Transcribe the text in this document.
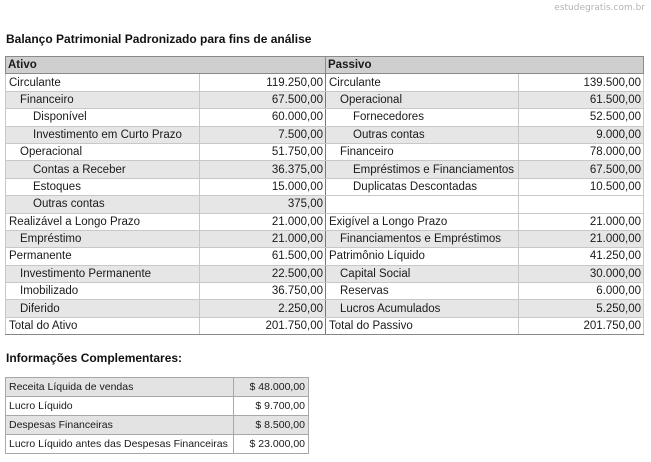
estudegratis.com.br
Balanço Patrimonial Padronizado para fins de análise
Ativo		Passivo	
Circulante	119.250,00	Circulante	139.500,00
Financeiro	67.500,00	Operacional	61.500,00
Disponível	60.000,00	Fornecedores	52.500,00
Investimento em Curto Prazo	7.500,00	Outras contas	9.000,00
Operacional	51.750,00	Financeiro	78.000,00
Contas a Receber	36.375,00	Empréstimos e Financiamentos	67.500,00
Estoques	15.000,00	Duplicatas Descontadas	10.500,00
Outras contas	375,00		
Realizável a Longo Prazo	21.000,00	Exigível a Longo Prazo	21.000,00
Empréstimo	21.000,00	Financiamentos e Empréstimos	21.000,00
Permanente	61.500,00	Patrimônio Líquido	41.250,00
Investimento Permanente	22.500,00	Capital Social	30.000,00
Imobilizado	36.750,00	Reservas	6.000,00
Diferido	2.250,00	Lucros Acumulados	5.250,00
Total do Ativo	201.750,00	Total do Passivo	201.750,00
Informações Complementares:
Receita Líquida de vendas	$ 48.000,00
Lucro Líquido	$ 9.700,00
Despesas Financeiras	$ 8.500,00
Lucro Líquido antes das Despesas Financeiras	$ 23.000,00
